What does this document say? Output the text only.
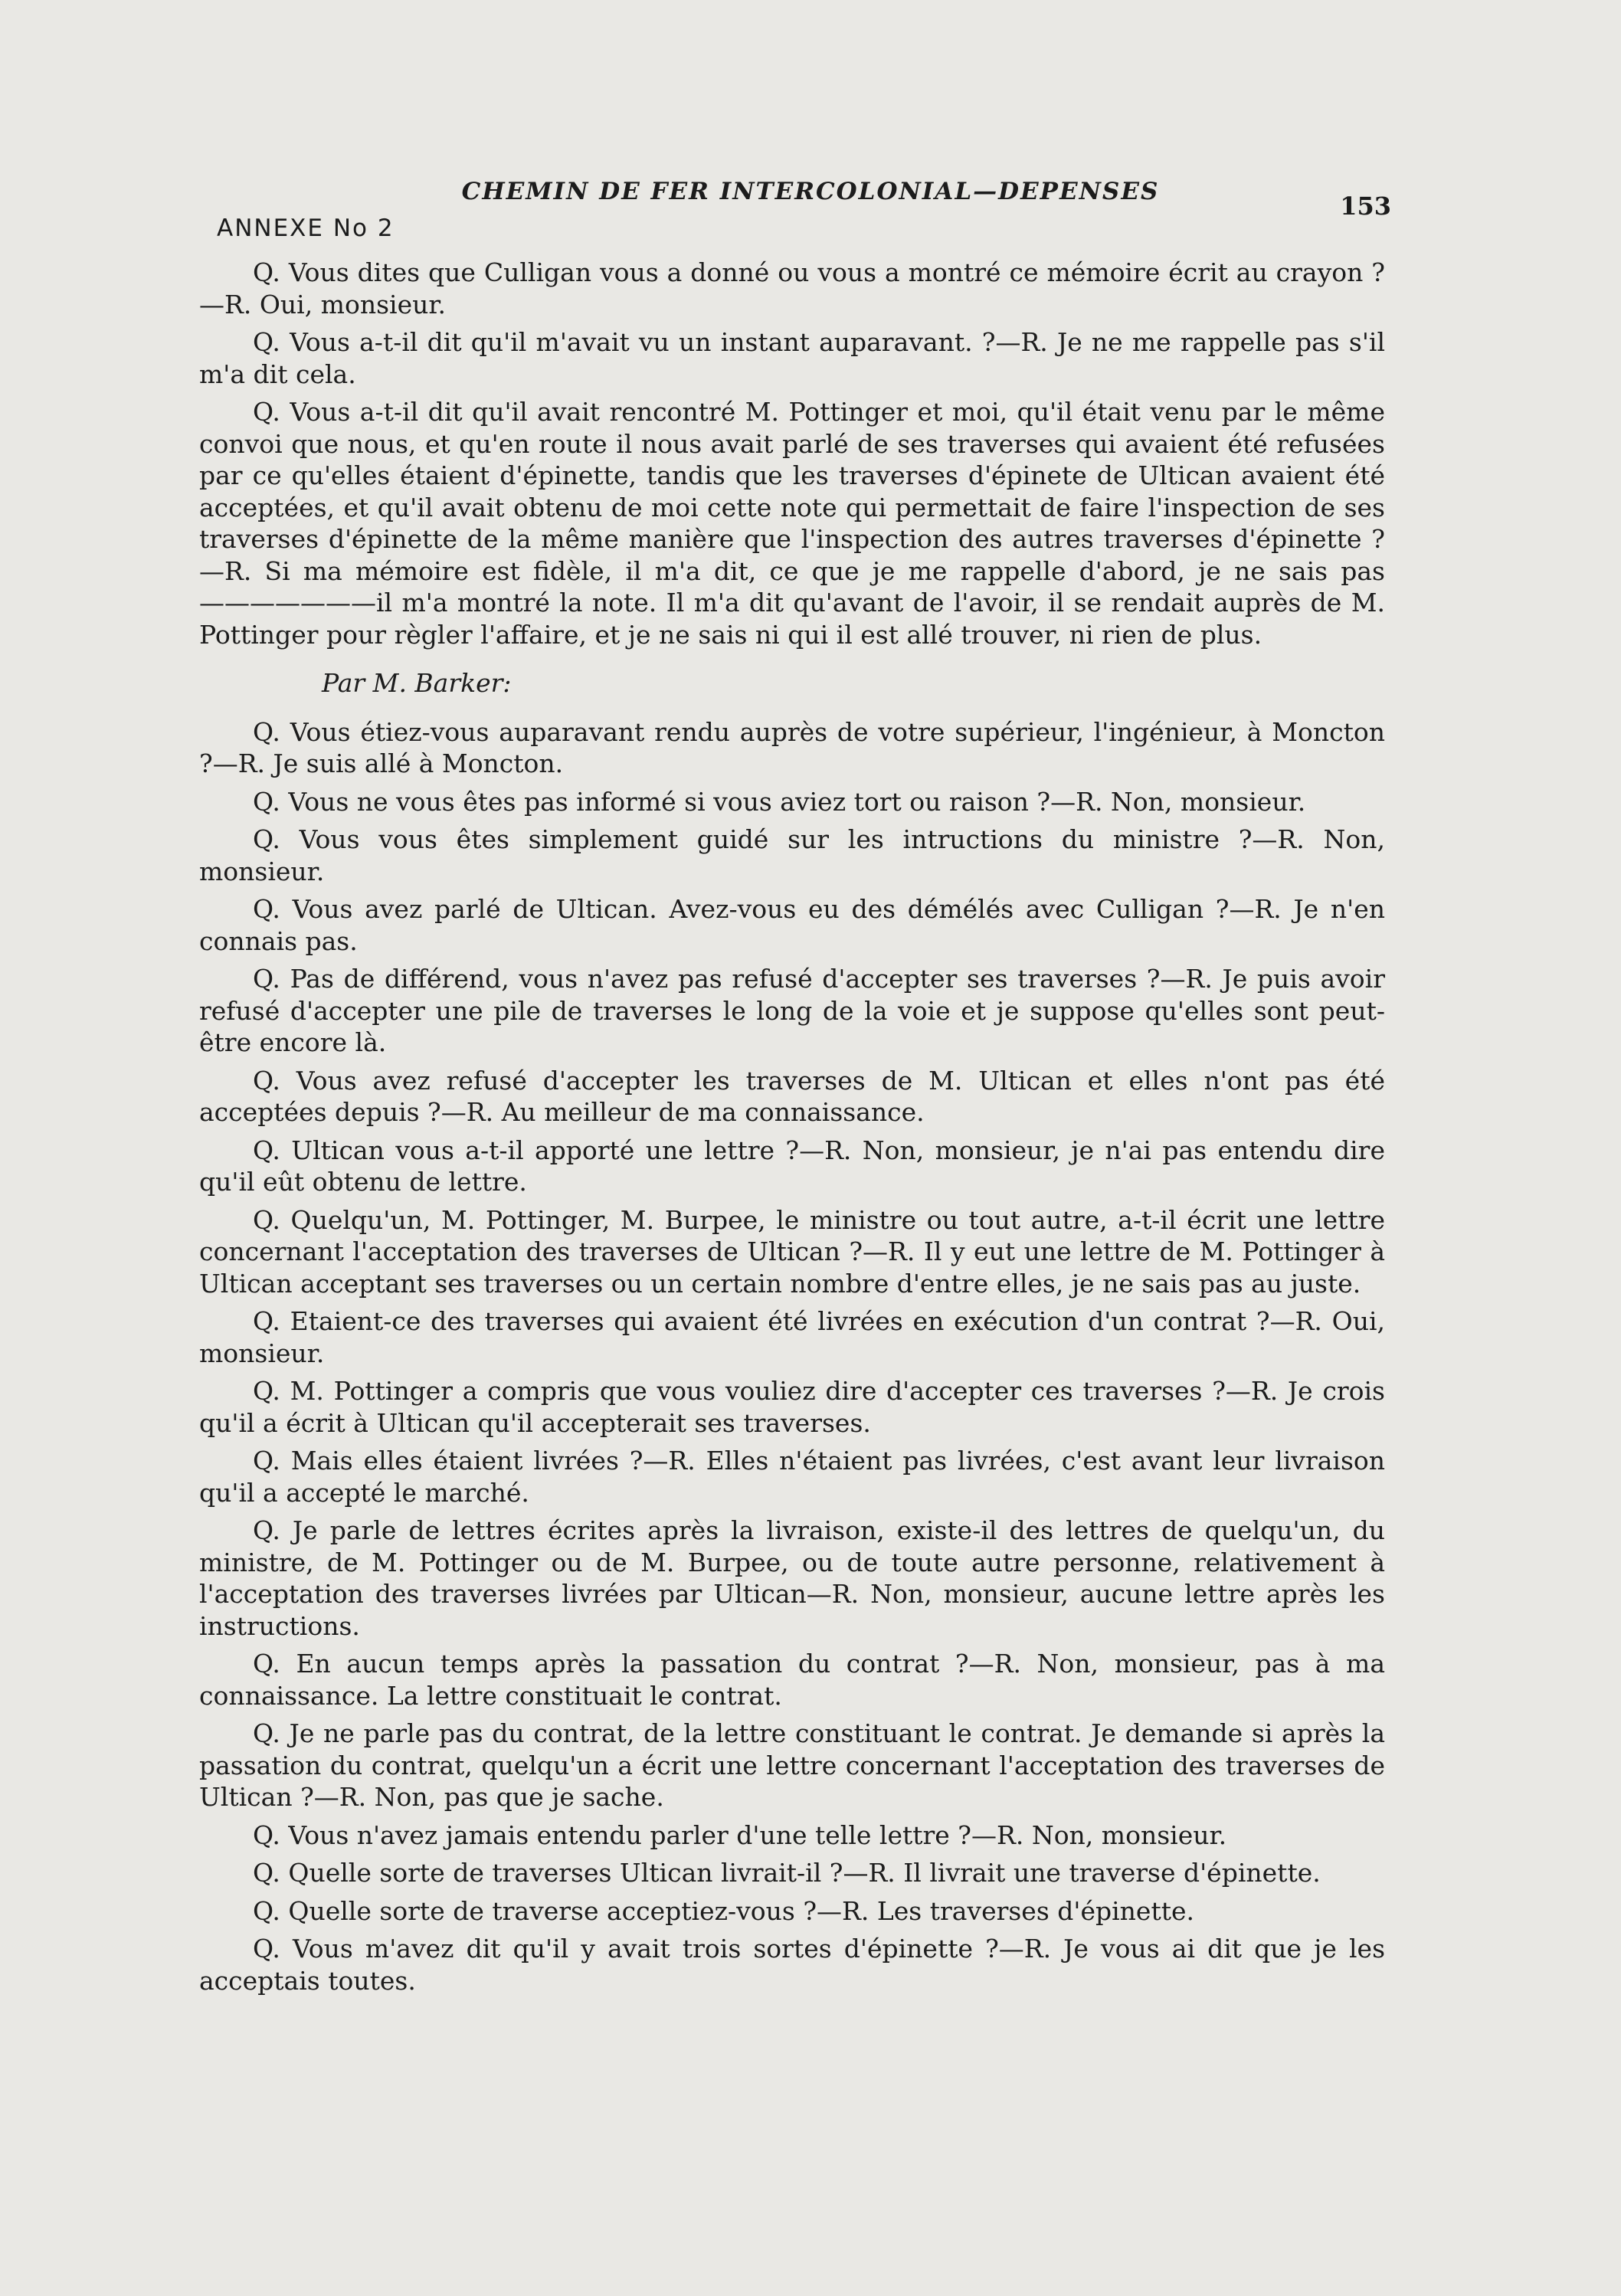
CHEMIN DE FER INTERCOLONIAL—DEPENSES	153
ANNEXE No 2

Q. Vous dites que Culligan vous a donné ou vous a montré ce mémoire écrit au crayon ?—R. Oui, monsieur.

Q. Vous a-t-il dit qu'il m'avait vu un instant auparavant. ?—R. Je ne me rappelle pas s'il m'a dit cela.

Q. Vous a-t-il dit qu'il avait rencontré M. Pottinger et moi, qu'il était venu par le même convoi que nous, et qu'en route il nous avait parlé de ses traverses qui avaient été refusées par ce qu'elles étaient d'épinette, tandis que les traverses d'épinete de Ultican avaient été acceptées, et qu'il avait obtenu de moi cette note qui permettait de faire l'inspection de ses traverses d'épinette de la même manière que l'inspection des autres traverses d'épinette ?—R. Si ma mémoire est fidèle, il m'a dit, ce que je me rappelle d'abord, je ne sais pas———————il m'a montré la note. Il m'a dit qu'avant de l'avoir, il se rendait auprès de M. Pottinger pour règler l'affaire, et je ne sais ni qui il est allé trouver, ni rien de plus.

Par M. Barker:

Q. Vous étiez-vous auparavant rendu auprès de votre supérieur, l'ingénieur, à Moncton ?—R. Je suis allé à Moncton.

Q. Vous ne vous êtes pas informé si vous aviez tort ou raison ?—R. Non, monsieur.

Q. Vous vous êtes simplement guidé sur les intructions du ministre ?—R. Non, monsieur.

Q. Vous avez parlé de Ultican. Avez-vous eu des démélés avec Culligan ?—R. Je n'en connais pas.

Q. Pas de différend, vous n'avez pas refusé d'accepter ses traverses ?—R. Je puis avoir refusé d'accepter une pile de traverses le long de la voie et je suppose qu'elles sont peut-être encore là.

Q. Vous avez refusé d'accepter les traverses de M. Ultican et elles n'ont pas été acceptées depuis ?—R. Au meilleur de ma connaissance.

Q. Ultican vous a-t-il apporté une lettre ?—R. Non, monsieur, je n'ai pas entendu dire qu'il eût obtenu de lettre.

Q. Quelqu'un, M. Pottinger, M. Burpee, le ministre ou tout autre, a-t-il écrit une lettre concernant l'acceptation des traverses de Ultican ?—R. Il y eut une lettre de M. Pottinger à Ultican acceptant ses traverses ou un certain nombre d'entre elles, je ne sais pas au juste.

Q. Etaient-ce des traverses qui avaient été livrées en exécution d'un contrat ?—R. Oui, monsieur.

Q. M. Pottinger a compris que vous vouliez dire d'accepter ces traverses ?—R. Je crois qu'il a écrit à Ultican qu'il accepterait ses traverses.

Q. Mais elles étaient livrées ?—R. Elles n'étaient pas livrées, c'est avant leur livraison qu'il a accepté le marché.

Q. Je parle de lettres écrites après la livraison, existe-il des lettres de quelqu'un, du ministre, de M. Pottinger ou de M. Burpee, ou de toute autre personne, relativement à l'acceptation des traverses livrées par Ultican—R. Non, monsieur, aucune lettre après les instructions.

Q. En aucun temps après la passation du contrat ?—R. Non, monsieur, pas à ma connaissance. La lettre constituait le contrat.

Q. Je ne parle pas du contrat, de la lettre constituant le contrat. Je demande si après la passation du contrat, quelqu'un a écrit une lettre concernant l'acceptation des traverses de Ultican ?—R. Non, pas que je sache.

Q. Vous n'avez jamais entendu parler d'une telle lettre ?—R. Non, monsieur.

Q. Quelle sorte de traverses Ultican livrait-il ?—R. Il livrait une traverse d'épinette.

Q. Quelle sorte de traverse acceptiez-vous ?—R. Les traverses d'épinette.

Q. Vous m'avez dit qu'il y avait trois sortes d'épinette ?—R. Je vous ai dit que je les acceptais toutes.
